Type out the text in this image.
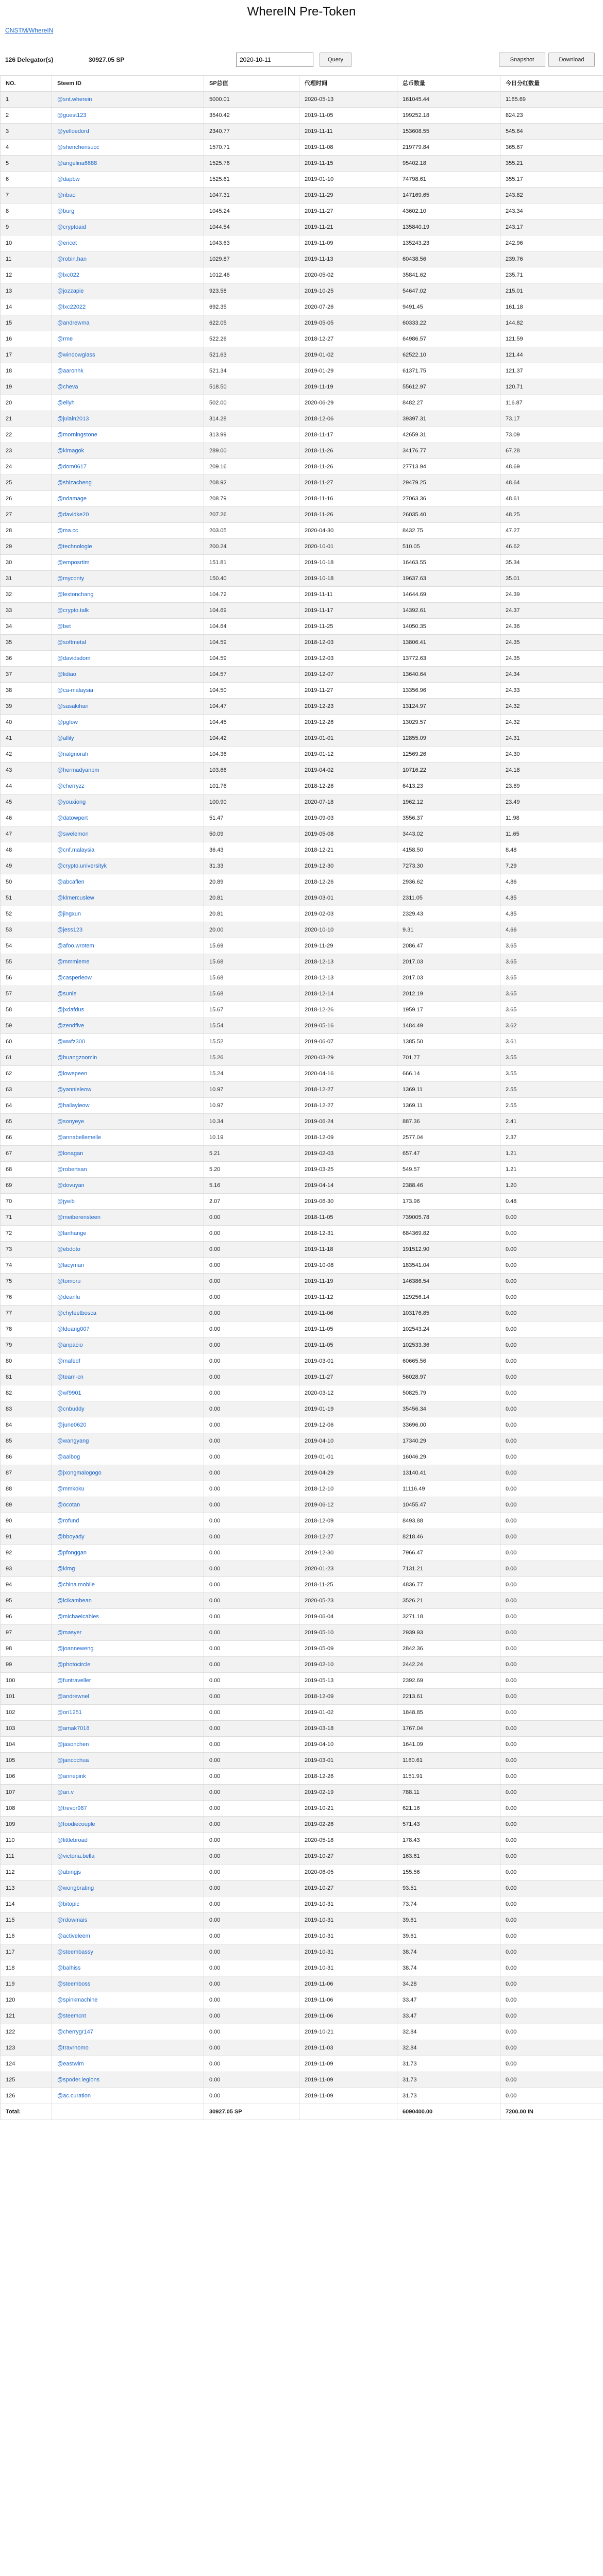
WhereIN Pre-Token
CNSTM/WhereIN
126 Delegator(s)	30927.05 SP
2020-10-11	Query	Snapshot	Download
NO.	Steem ID	SP总值	代理时间	总币数量	今日分红数量
1	@snt.wherein	5000.01	2020-05-13	161045.44	1165.69
2	@guest123	3540.42	2019-11-05	199252.18	824.23
3	@yelloedord	2340.77	2019-11-11	153608.55	545.64
4	@shenchensucc	1570.71	2019-11-08	219779.84	365.67
5	@angelina6688	1525.76	2019-11-15	95402.18	355.21
6	@dapbw	1525.61	2019-01-10	74798.61	355.17
7	@ribao	1047.31	2019-11-29	147169.65	243.82
8	@burg	1045.24	2019-11-27	43602.10	243.34
9	@cryptoaid	1044.54	2019-11-21	135840.19	243.17
10	@ericet	1043.63	2019-11-09	135243.23	242.96
11	@robin.han	1029.87	2019-11-13	60438.56	239.76
12	@lxc022	1012.46	2020-05-02	35841.62	235.71
13	@jozzapie	923.58	2019-10-25	54647.02	215.01
14	@lxc22022	692.35	2020-07-26	9491.45	161.18
15	@andrewma	622.05	2019-05-05	60333.22	144.82
16	@rme	522.26	2018-12-27	64986.57	121.59
17	@windowglass	521.63	2019-01-02	62522.10	121.44
18	@aaronhk	521.34	2019-01-29	61371.75	121.37
19	@cheva	518.50	2019-11-19	55612.97	120.71
20	@ellyh	502.00	2020-06-29	8482.27	116.87
21	@julain2013	314.28	2018-12-06	39397.31	73.17
22	@morningstone	313.99	2018-11-17	42659.31	73.09
23	@kimagok	289.00	2018-11-26	34176.77	67.28
24	@dom0617	209.16	2018-11-26	27713.94	48.69
25	@shizacheng	208.92	2018-11-27	29479.25	48.64
26	@ndamage	208.79	2018-11-16	27063.36	48.61
27	@davidke20	207.26	2018-11-26	26035.40	48.25
28	@ma.cc	203.05	2020-04-30	8432.75	47.27
29	@technologie	200.24	2020-10-01	510.05	46.62
30	@emposrtim	151.81	2019-10-18	16463.55	35.34
31	@myconty	150.40	2019-10-18	19637.63	35.01
32	@lextonchang	104.72	2019-11-11	14644.69	24.39
33	@crypto.talk	104.69	2019-11-17	14392.61	24.37
34	@bet	104.64	2019-11-25	14050.35	24.36
35	@softmetal	104.59	2018-12-03	13806.41	24.35
36	@davidsdom	104.59	2019-12-03	13772.63	24.35
37	@lidiao	104.57	2019-12-07	13640.64	24.34
38	@ca-malaysia	104.50	2019-11-27	13356.96	24.33
39	@sasakihan	104.47	2019-12-23	13124.97	24.32
40	@pglow	104.45	2019-12-26	13029.57	24.32
41	@allily	104.42	2019-01-01	12855.09	24.31
42	@nalgnorah	104.36	2019-01-12	12569.26	24.30
43	@hermadyanpm	103.66	2019-04-02	10716.22	24.18
44	@cherryzz	101.76	2018-12-26	6413.23	23.69
45	@youxiong	100.90	2020-07-18	1962.12	23.49
46	@datowpert	51.47	2019-09-03	3556.37	11.98
47	@swelemon	50.09	2019-05-08	3443.02	11.65
48	@cnf.malaysia	36.43	2018-12-21	4158.50	8.48
49	@crypto.universityk	31.33	2019-12-30	7273.30	7.29
50	@abcaflen	20.89	2018-12-26	2936.62	4.86
51	@klmercuslew	20.81	2019-03-01	2311.05	4.85
52	@jingxun	20.81	2019-02-03	2329.43	4.85
53	@jess123	20.00	2020-10-10	9.31	4.66
54	@afoo.wrotem	15.69	2019-11-29	2086.47	3.65
55	@mmmieme	15.68	2018-12-13	2017.03	3.65
56	@casperleow	15.68	2018-12-13	2017.03	3.65
57	@sunie	15.68	2018-12-14	2012.19	3.65
58	@jxdafdus	15.67	2018-12-26	1959.17	3.65
59	@zendfive	15.54	2019-05-16	1484.49	3.62
60	@wwfz300	15.52	2019-06-07	1385.50	3.61
61	@huangzoomin	15.26	2020-03-29	701.77	3.55
62	@lowepeen	15.24	2020-04-16	666.14	3.55
63	@yannieleow	10.97	2018-12-27	1369.11	2.55
64	@hailayleow	10.97	2018-12-27	1369.11	2.55
65	@sonyeye	10.34	2019-06-24	887.36	2.41
66	@annabellemelle	10.19	2018-12-09	2577.04	2.37
67	@lonagan	5.21	2019-02-03	657.47	1.21
68	@robertsan	5.20	2019-03-25	549.57	1.21
69	@dovuyan	5.16	2019-04-14	2388.46	1.20
70	@jyeib	2.07	2019-06-30	173.96	0.48
71	@meiberensteen	0.00	2018-11-05	739005.78	0.00
72	@lanhange	0.00	2018-12-31	684369.82	0.00
73	@ebdoto	0.00	2019-11-18	191512.90	0.00
74	@lacyman	0.00	2019-10-08	183541.04	0.00
75	@tomoru	0.00	2019-11-19	146386.54	0.00
76	@deanlu	0.00	2019-11-12	129256.14	0.00
77	@chyfeetbosca	0.00	2019-11-06	103176.85	0.00
78	@lduang007	0.00	2019-11-05	102543.24	0.00
79	@anpacio	0.00	2019-11-05	102533.36	0.00
80	@mafedf	0.00	2019-03-01	60665.56	0.00
81	@team-cn	0.00	2019-11-27	56028.97	0.00
82	@wf9901	0.00	2020-03-12	50825.79	0.00
83	@cnbuddy	0.00	2019-01-19	35456.34	0.00
84	@june0620	0.00	2019-12-06	33696.00	0.00
85	@wangyang	0.00	2019-04-10	17340.29	0.00
86	@aalbog	0.00	2019-01-01	16046.29	0.00
87	@jxongmalogogo	0.00	2019-04-29	13140.41	0.00
88	@mmkoku	0.00	2018-12-10	11116.49	0.00
89	@ocotan	0.00	2019-06-12	10455.47	0.00
90	@rofund	0.00	2018-12-09	8493.88	0.00
91	@bboyady	0.00	2018-12-27	8218.46	0.00
92	@pfonggan	0.00	2019-12-30	7966.47	0.00
93	@kimg	0.00	2020-01-23	7131.21	0.00
94	@china.mobile	0.00	2018-11-25	4836.77	0.00
95	@lcikambean	0.00	2020-05-23	3526.21	0.00
96	@michaelcables	0.00	2019-06-04	3271.18	0.00
97	@masyer	0.00	2019-05-10	2939.93	0.00
98	@joanneweng	0.00	2019-05-09	2842.36	0.00
99	@photocircle	0.00	2019-02-10	2442.24	0.00
100	@funtraveller	0.00	2019-05-13	2392.69	0.00
101	@andrewnel	0.00	2018-12-09	2213.61	0.00
102	@ori1251	0.00	2019-01-02	1848.85	0.00
103	@amak7018	0.00	2019-03-18	1767.04	0.00
104	@jasonchen	0.00	2019-04-10	1641.09	0.00
105	@jancochua	0.00	2019-03-01	1180.61	0.00
106	@annepink	0.00	2018-12-26	1151.91	0.00
107	@ari.v	0.00	2019-02-19	788.11	0.00
108	@trevor987	0.00	2019-10-21	621.16	0.00
109	@foodiecouple	0.00	2019-02-26	571.43	0.00
110	@littlebroad	0.00	2020-05-18	178.43	0.00
111	@victoria.bella	0.00	2019-10-27	163.61	0.00
112	@abingjs	0.00	2020-06-05	155.56	0.00
113	@wongbrating	0.00	2019-10-27	93.51	0.00
114	@bitopic	0.00	2019-10-31	73.74	0.00
115	@rdowmais	0.00	2019-10-31	39.61	0.00
116	@activeleem	0.00	2019-10-31	39.61	0.00
117	@steembassy	0.00	2019-10-31	38.74	0.00
118	@balhiss	0.00	2019-10-31	38.74	0.00
119	@steemboss	0.00	2019-11-06	34.28	0.00
120	@spinkmachine	0.00	2019-11-06	33.47	0.00
121	@steemcnt	0.00	2019-11-06	33.47	0.00
122	@cherrygr147	0.00	2019-10-21	32.84	0.00
123	@travrnomo	0.00	2019-11-03	32.84	0.00
124	@eastwim	0.00	2019-11-09	31.73	0.00
125	@spoder.legions	0.00	2019-11-09	31.73	0.00
126	@ac.curation	0.00	2019-11-09	31.73	0.00
Total:		30927.05 SP		6090400.00	7200.00 IN
